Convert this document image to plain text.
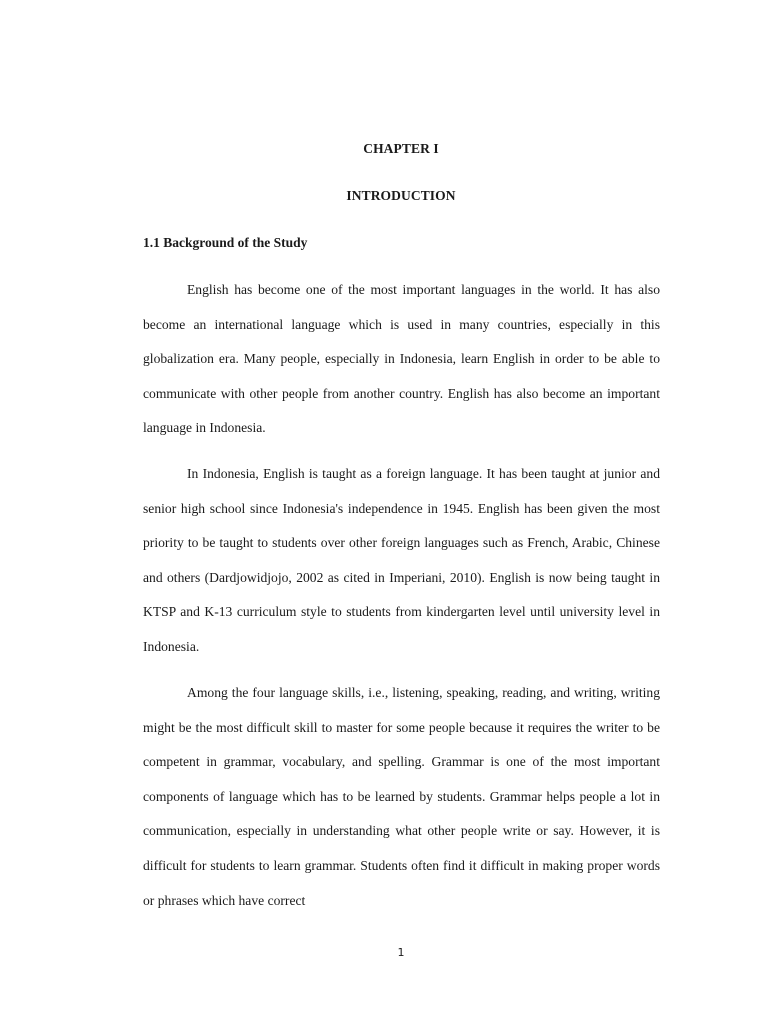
CHAPTER I
INTRODUCTION
1.1 Background of the Study

English has become one of the most important languages in the world. It has also become an international language which is used in many countries, especially in this globalization era. Many people, especially in Indonesia, learn English in order to be able to communicate with other people from another country. English has also become an important language in Indonesia.

In Indonesia, English is taught as a foreign language. It has been taught at junior and senior high school since Indonesia's independence in 1945. English has been given the most priority to be taught to students over other foreign languages such as French, Arabic, Chinese and others (Dardjowidjojo, 2002 as cited in Imperiani, 2010). English is now being taught in KTSP and K-13 curriculum style to students from kindergarten level until university level in Indonesia.

Among the four language skills, i.e., listening, speaking, reading, and writing, writing might be the most difficult skill to master for some people because it requires the writer to be competent in grammar, vocabulary, and spelling. Grammar is one of the most important components of language which has to be learned by students. Grammar helps people a lot in communication, especially in understanding what other people write or say. However, it is difficult for students to learn grammar. Students often find it difficult in making proper words or phrases which have correct

1
